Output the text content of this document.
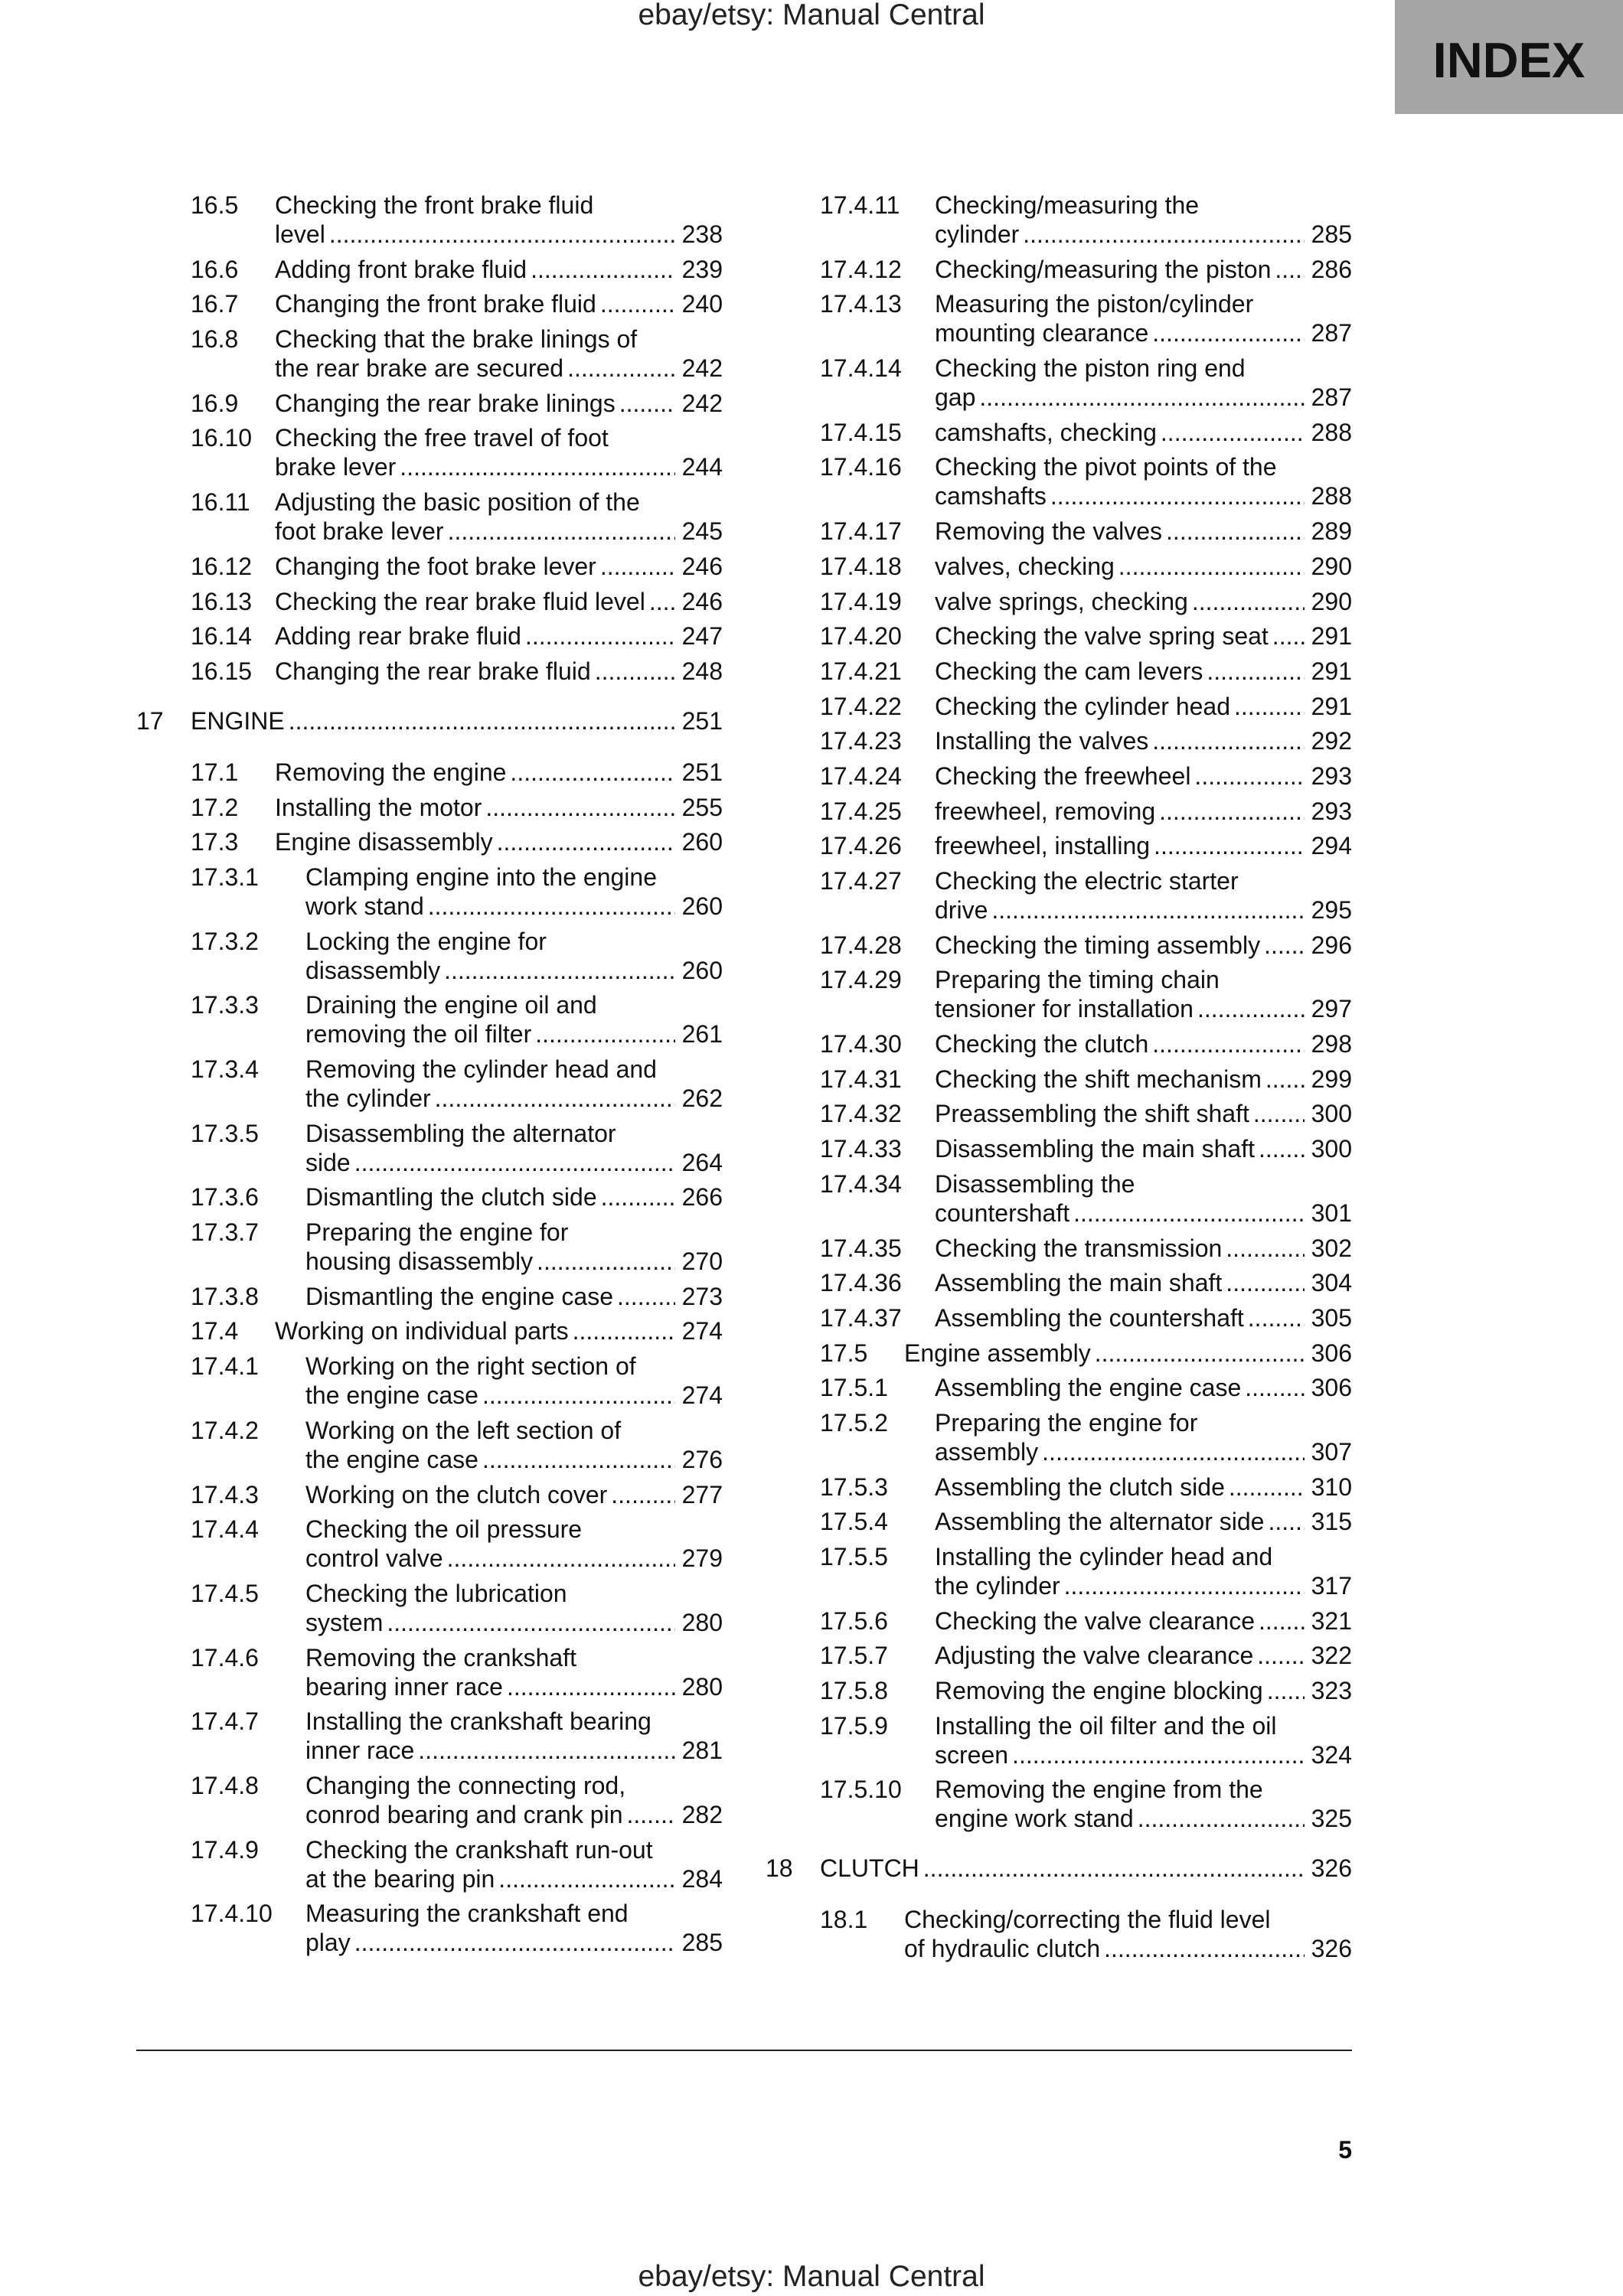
ebay/etsy: Manual Central
INDEX
16.5 Checking the front brake fluid
level	238
16.6 Adding front brake fluid	239
16.7 Changing the front brake fluid	240
16.8 Checking that the brake linings of
the rear brake are secured	242
16.9 Changing the rear brake linings	242
16.10 Checking the free travel of foot
brake lever	244
16.11 Adjusting the basic position of the
foot brake lever	245
16.12 Changing the foot brake lever	246
16.13 Checking the rear brake fluid level	246
16.14 Adding rear brake fluid	247
16.15 Changing the rear brake fluid	248
17 ENGINE	251
17.1 Removing the engine	251
17.2 Installing the motor	255
17.3 Engine disassembly	260
17.3.1 Clamping engine into the engine
work stand	260
17.3.2 Locking the engine for
disassembly	260
17.3.3 Draining the engine oil and
removing the oil filter	261
17.3.4 Removing the cylinder head and
the cylinder	262
17.3.5 Disassembling the alternator
side	264
17.3.6 Dismantling the clutch side	266
17.3.7 Preparing the engine for
housing disassembly	270
17.3.8 Dismantling the engine case	273
17.4 Working on individual parts	274
17.4.1 Working on the right section of
the engine case	274
17.4.2 Working on the left section of
the engine case	276
17.4.3 Working on the clutch cover	277
17.4.4 Checking the oil pressure
control valve	279
17.4.5 Checking the lubrication
system	280
17.4.6 Removing the crankshaft
bearing inner race	280
17.4.7 Installing the crankshaft bearing
inner race	281
17.4.8 Changing the connecting rod,
conrod bearing and crank pin	282
17.4.9 Checking the crankshaft run-out
at the bearing pin	284
17.4.10 Measuring the crankshaft end
play	285
17.4.11 Checking/measuring the
cylinder	285
17.4.12 Checking/measuring the piston	286
17.4.13 Measuring the piston/cylinder
mounting clearance	287
17.4.14 Checking the piston ring end
gap	287
17.4.15 camshafts, checking	288
17.4.16 Checking the pivot points of the
camshafts	288
17.4.17 Removing the valves	289
17.4.18 valves, checking	290
17.4.19 valve springs, checking	290
17.4.20 Checking the valve spring seat	291
17.4.21 Checking the cam levers	291
17.4.22 Checking the cylinder head	291
17.4.23 Installing the valves	292
17.4.24 Checking the freewheel	293
17.4.25 freewheel, removing	293
17.4.26 freewheel, installing	294
17.4.27 Checking the electric starter
drive	295
17.4.28 Checking the timing assembly	296
17.4.29 Preparing the timing chain
tensioner for installation	297
17.4.30 Checking the clutch	298
17.4.31 Checking the shift mechanism	299
17.4.32 Preassembling the shift shaft	300
17.4.33 Disassembling the main shaft	300
17.4.34 Disassembling the
countershaft	301
17.4.35 Checking the transmission	302
17.4.36 Assembling the main shaft	304
17.4.37 Assembling the countershaft	305
17.5 Engine assembly	306
17.5.1 Assembling the engine case	306
17.5.2 Preparing the engine for
assembly	307
17.5.3 Assembling the clutch side	310
17.5.4 Assembling the alternator side	315
17.5.5 Installing the cylinder head and
the cylinder	317
17.5.6 Checking the valve clearance	321
17.5.7 Adjusting the valve clearance	322
17.5.8 Removing the engine blocking	323
17.5.9 Installing the oil filter and the oil
screen	324
17.5.10 Removing the engine from the
engine work stand	325
18 CLUTCH	326
18.1 Checking/correcting the fluid level
of hydraulic clutch	326
5
ebay/etsy: Manual Central
